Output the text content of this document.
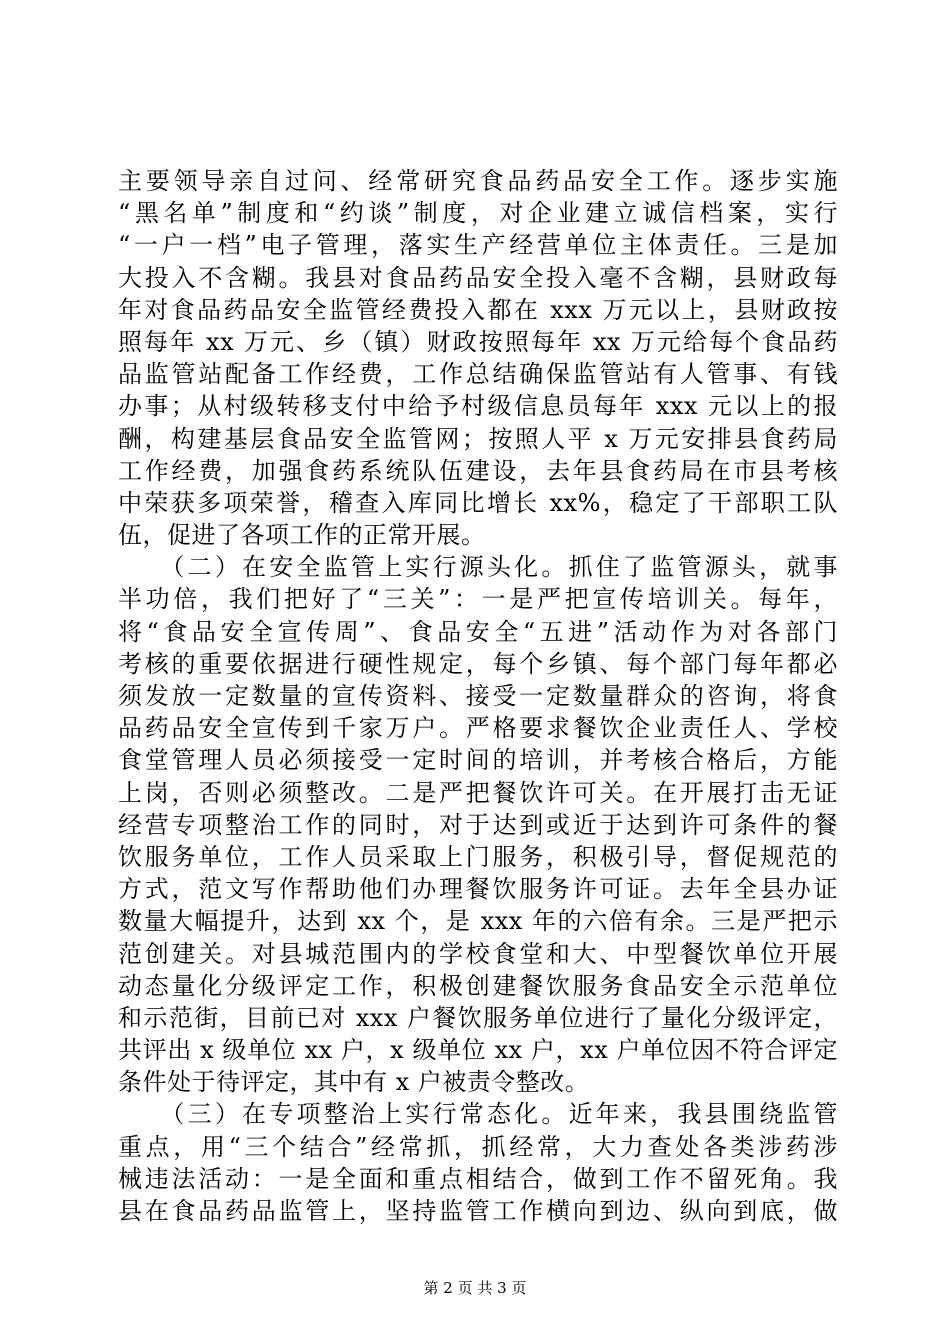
主要领导亲自过问、经常研究食品药品安全工作。逐步实施
“黑名单”制度和“约谈”制度，对企业建立诚信档案，实行
“一户一档”电子管理，落实生产经营单位主体责任。三是加
大投入不含糊。我县对食品药品安全投入毫不含糊，县财政每
年对食品药品安全监管经费投入都在 xxx 万元以上，县财政按
照每年 xx 万元、乡（镇）财政按照每年 xx 万元给每个食品药
品监管站配备工作经费，工作总结确保监管站有人管事、有钱
办事；从村级转移支付中给予村级信息员每年 xxx 元以上的报
酬，构建基层食品安全监管网；按照人平 x 万元安排县食药局
工作经费，加强食药系统队伍建设，去年县食药局在市县考核
中荣获多项荣誉，稽查入库同比增长 xx%，稳定了干部职工队
伍，促进了各项工作的正常开展。
　　（二）在安全监管上实行源头化。抓住了监管源头，就事
半功倍，我们把好了“三关”：一是严把宣传培训关。每年，
将“食品安全宣传周”、食品安全“五进”活动作为对各部门
考核的重要依据进行硬性规定，每个乡镇、每个部门每年都必
须发放一定数量的宣传资料、接受一定数量群众的咨询，将食
品药品安全宣传到千家万户。严格要求餐饮企业责任人、学校
食堂管理人员必须接受一定时间的培训，并考核合格后，方能
上岗，否则必须整改。二是严把餐饮许可关。在开展打击无证
经营专项整治工作的同时，对于达到或近于达到许可条件的餐
饮服务单位，工作人员采取上门服务，积极引导，督促规范的
方式，范文写作帮助他们办理餐饮服务许可证。去年全县办证
数量大幅提升，达到 xx 个，是 xxx 年的六倍有余。三是严把示
范创建关。对县城范围内的学校食堂和大、中型餐饮单位开展
动态量化分级评定工作，积极创建餐饮服务食品安全示范单位
和示范街，目前已对 xxx 户餐饮服务单位进行了量化分级评定，
共评出 x 级单位 xx 户，x 级单位 xx 户，xx 户单位因不符合评定
条件处于待评定，其中有 x 户被责令整改。
　　（三）在专项整治上实行常态化。近年来，我县围绕监管
重点，用“三个结合”经常抓，抓经常，大力查处各类涉药涉
械违法活动：一是全面和重点相结合，做到工作不留死角。我
县在食品药品监管上，坚持监管工作横向到边、纵向到底，做
第 2 页 共 3 页
